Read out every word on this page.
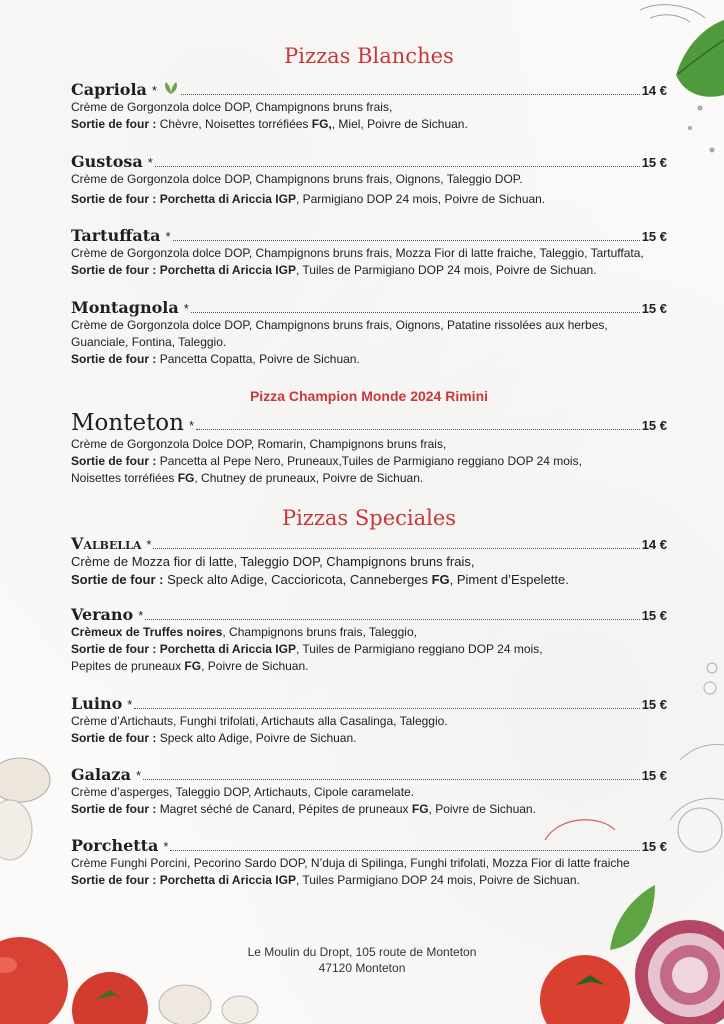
Pizzas Blanches
Capriola *	14 €
Crème de Gorgonzola dolce DOP, Champignons bruns frais,
Sortie de four : Chèvre, Noisettes torréfiées FG,, Miel, Poivre de Sichuan.
Gustosa *	15 €
Crème de Gorgonzola dolce DOP, Champignons bruns frais, Oignons, Taleggio DOP.
Sortie de four : Porchetta di Ariccia IGP, Parmigiano DOP 24 mois, Poivre de Sichuan.
Tartuffata *	15 €
Crème de Gorgonzola dolce DOP, Champignons bruns frais, Mozza Fior di latte fraiche, Taleggio, Tartuffata,
Sortie de four : Porchetta di Ariccia IGP, Tuiles de Parmigiano DOP 24 mois, Poivre de Sichuan.
Montagnola *	15 €
Crème de Gorgonzola dolce DOP, Champignons bruns frais, Oignons, Patatine rissolées aux herbes,
Guanciale, Fontina, Taleggio.
Sortie de four : Pancetta Copatta, Poivre de Sichuan.
Pizza Champion Monde 2024 Rimini
Monteton *	15 €
Crème de Gorgonzola Dolce DOP, Romarin, Champignons bruns frais,
Sortie de four : Pancetta al Pepe Nero, Pruneaux,Tuiles de Parmigiano reggiano DOP 24 mois,
Noisettes torréfiées FG, Chutney de pruneaux, Poivre de Sichuan.
Pizzas Speciales
Valbella *	14 €
Crème de Mozza fior di latte, Taleggio DOP, Champignons bruns frais,
Sortie de four : Speck alto Adige, Caccioricota, Canneberges FG, Piment d’Espelette.
Verano *	15 €
Crèmeux de Truffes noires, Champignons bruns frais, Taleggio,
Sortie de four : Porchetta di Ariccia IGP, Tuiles de Parmigiano reggiano DOP 24 mois,
Pepites de pruneaux FG, Poivre de Sichuan.
Luino *	15 €
Crème d’Artichauts, Funghi trifolati, Artichauts alla Casalinga, Taleggio.
Sortie de four : Speck alto Adige, Poivre de Sichuan.
Galaza *	15 €
Crème d’asperges, Taleggio DOP, Artichauts, Cipole caramelate.
Sortie de four : Magret séché de Canard, Pépites de pruneaux FG, Poivre de Sichuan.
Porchetta *	15 €
Crème Funghi Porcini, Pecorino Sardo DOP, N’duja di Spilinga, Funghi trifolati, Mozza Fior di latte fraiche
Sortie de four : Porchetta di Ariccia IGP, Tuiles Parmigiano DOP 24 mois, Poivre de Sichuan.
Le Moulin du Dropt, 105 route de Monteton
47120 Monteton
